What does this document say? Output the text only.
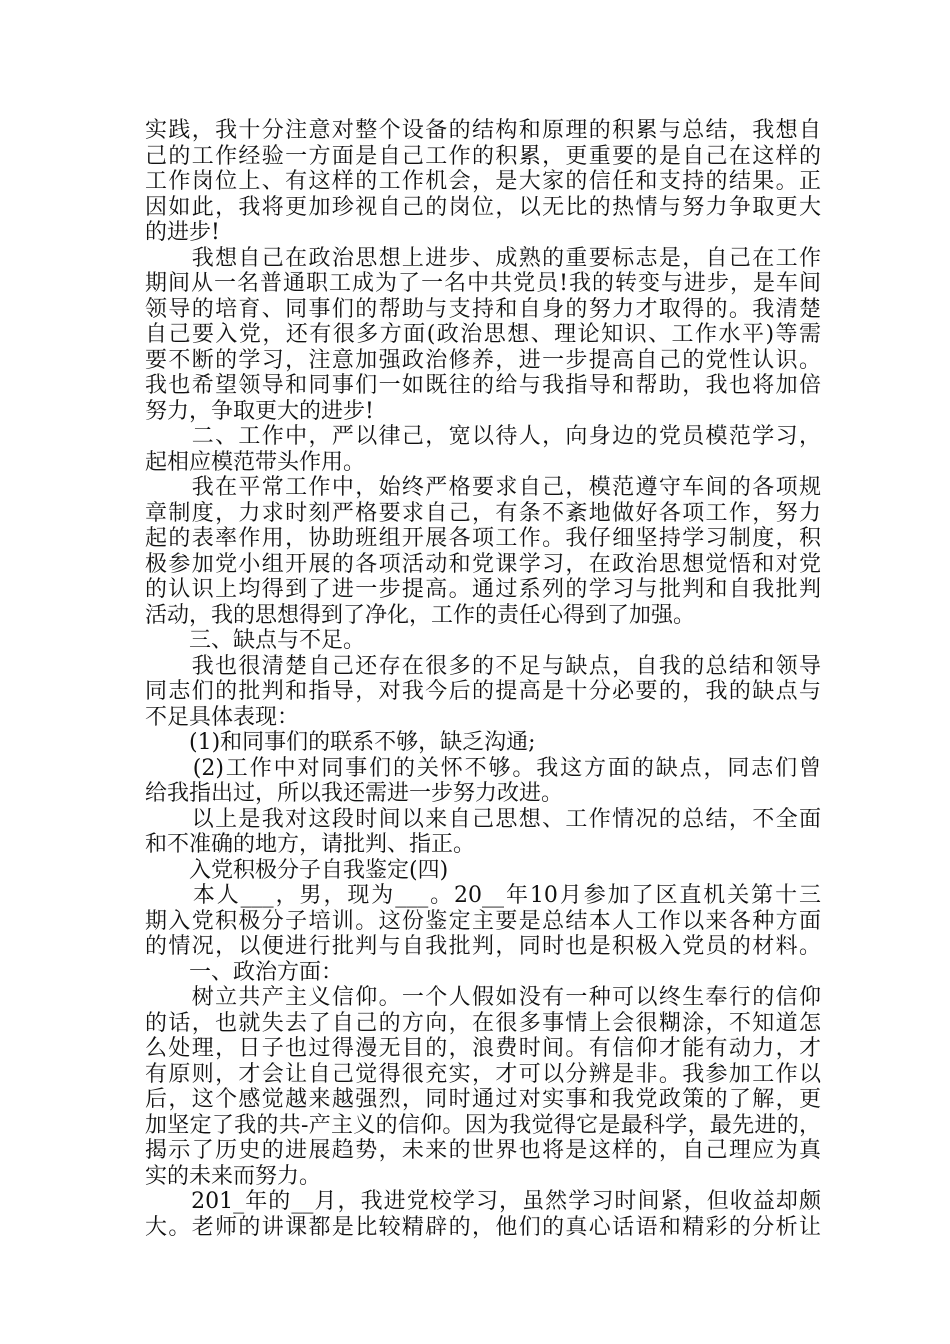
实践，我十分注意对整个设备的结构和原理的积累与总结，我想自
己的工作经验一方面是自己工作的积累，更重要的是自己在这样的
工作岗位上、有这样的工作机会，是大家的信任和支持的结果。正
因如此，我将更加珍视自己的岗位，以无比的热情与努力争取更大
的进步!
　　我想自己在政治思想上进步、成熟的重要标志是，自己在工作
期间从一名普通职工成为了一名中共党员!我的转变与进步，是车间
领导的培育、同事们的帮助与支持和自身的努力才取得的。我清楚
自己要入党，还有很多方面(政治思想、理论知识、工作水平)等需
要不断的学习，注意加强政治修养，进一步提高自己的党性认识。
我也希望领导和同事们一如既往的给与我指导和帮助，我也将加倍
努力，争取更大的进步!
　　二、工作中，严以律己，宽以待人，向身边的党员模范学习，
起相应模范带头作用。
　　我在平常工作中，始终严格要求自己，模范遵守车间的各项规
章制度，力求时刻严格要求自己，有条不紊地做好各项工作，努力
起的表率作用，协助班组开展各项工作。我仔细坚持学习制度，积
极参加党小组开展的各项活动和党课学习，在政治思想觉悟和对党
的认识上均得到了进一步提高。通过系列的学习与批判和自我批判
活动，我的思想得到了净化，工作的责任心得到了加强。
　　三、缺点与不足。
　　我也很清楚自己还存在很多的不足与缺点，自我的总结和领导
同志们的批判和指导，对我今后的提高是十分必要的，我的缺点与
不足具体表现：
　　(1)和同事们的联系不够，缺乏沟通;
　　(2)工作中对同事们的关怀不够。我这方面的缺点，同志们曾
给我指出过，所以我还需进一步努力改进。
　　以上是我对这段时间以来自己思想、工作情况的总结，不全面
和不准确的地方，请批判、指正。
　　入党积极分子自我鉴定(四)
　　本人___，男，现为___。20__年10月参加了区直机关第十三
期入党积极分子培训。这份鉴定主要是总结本人工作以来各种方面
的情况，以便进行批判与自我批判，同时也是积极入党员的材料。
　　一、政治方面：
　　树立共产主义信仰。一个人假如没有一种可以终生奉行的信仰
的话，也就失去了自己的方向，在很多事情上会很糊涂，不知道怎
么处理，日子也过得漫无目的，浪费时间。有信仰才能有动力，才
有原则，才会让自己觉得很充实，才可以分辨是非。我参加工作以
后，这个感觉越来越强烈，同时通过对实事和我党政策的了解，更
加坚定了我的共-产主义的信仰。因为我觉得它是最科学，最先进的，
揭示了历史的进展趋势，未来的世界也将是这样的，自己理应为真
实的未来而努力。
　　201_年的__月，我进党校学习，虽然学习时间紧，但收益却颇
大。老师的讲课都是比较精辟的，他们的真心话语和精彩的分析让
